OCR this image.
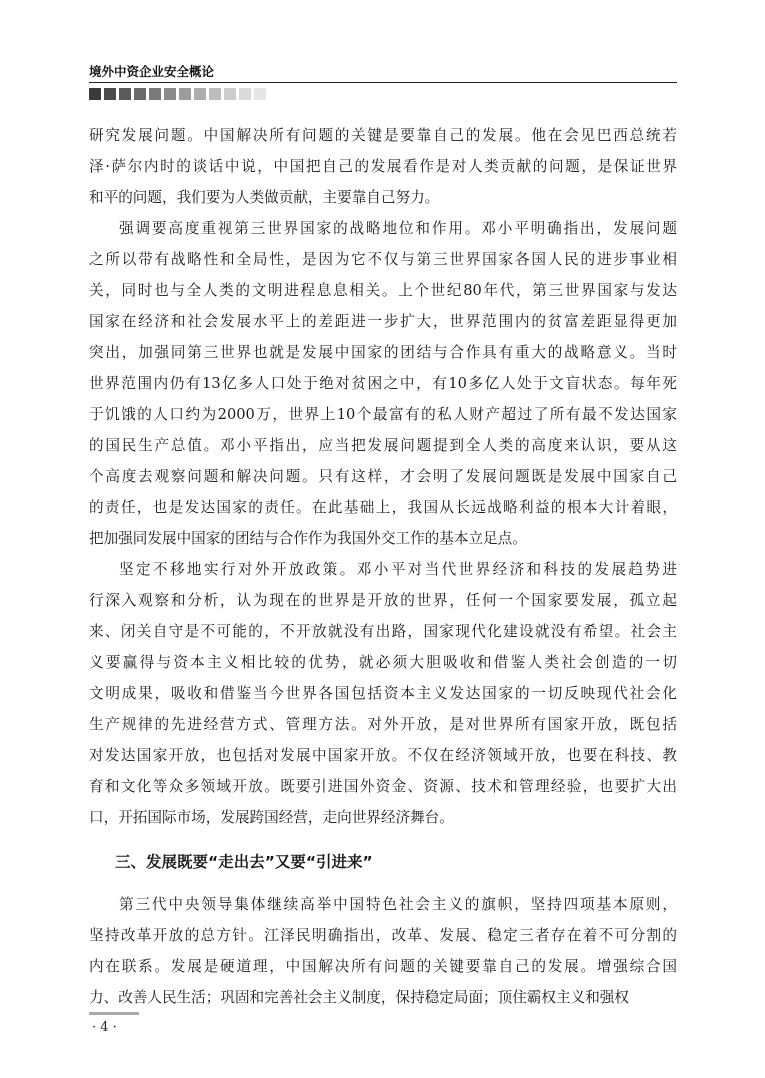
境外中资企业安全概论
研究发展问题。中国解决所有问题的关键是要靠自己的发展。他在会见巴西总统若
泽·萨尔内时的谈话中说，中国把自己的发展看作是对人类贡献的问题，是保证世界
和平的问题，我们要为人类做贡献，主要靠自己努力。
强调要高度重视第三世界国家的战略地位和作用。邓小平明确指出，发展问题
之所以带有战略性和全局性，是因为它不仅与第三世界国家各国人民的进步事业相
关，同时也与全人类的文明进程息息相关。上个世纪80年代，第三世界国家与发达
国家在经济和社会发展水平上的差距进一步扩大，世界范围内的贫富差距显得更加
突出，加强同第三世界也就是发展中国家的团结与合作具有重大的战略意义。当时
世界范围内仍有13亿多人口处于绝对贫困之中，有10多亿人处于文盲状态。每年死
于饥饿的人口约为2000万，世界上10个最富有的私人财产超过了所有最不发达国家
的国民生产总值。邓小平指出，应当把发展问题提到全人类的高度来认识，要从这
个高度去观察问题和解决问题。只有这样，才会明了发展问题既是发展中国家自己
的责任，也是发达国家的责任。在此基础上，我国从长远战略利益的根本大计着眼，
把加强同发展中国家的团结与合作作为我国外交工作的基本立足点。
坚定不移地实行对外开放政策。邓小平对当代世界经济和科技的发展趋势进
行深入观察和分析，认为现在的世界是开放的世界，任何一个国家要发展，孤立起
来、闭关自守是不可能的，不开放就没有出路，国家现代化建设就没有希望。社会主
义要赢得与资本主义相比较的优势，就必须大胆吸收和借鉴人类社会创造的一切
文明成果，吸收和借鉴当今世界各国包括资本主义发达国家的一切反映现代社会化
生产规律的先进经营方式、管理方法。对外开放，是对世界所有国家开放，既包括
对发达国家开放，也包括对发展中国家开放。不仅在经济领域开放，也要在科技、教
育和文化等众多领域开放。既要引进国外资金、资源、技术和管理经验，也要扩大出
口，开拓国际市场，发展跨国经营，走向世界经济舞台。
三、发展既要“走出去”又要“引进来”
第三代中央领导集体继续高举中国特色社会主义的旗帜，坚持四项基本原则，
坚持改革开放的总方针。江泽民明确指出，改革、发展、稳定三者存在着不可分割的
内在联系。发展是硬道理，中国解决所有问题的关键要靠自己的发展。增强综合国
力、改善人民生活；巩固和完善社会主义制度，保持稳定局面；顶住霸权主义和强权
· 4 ·
